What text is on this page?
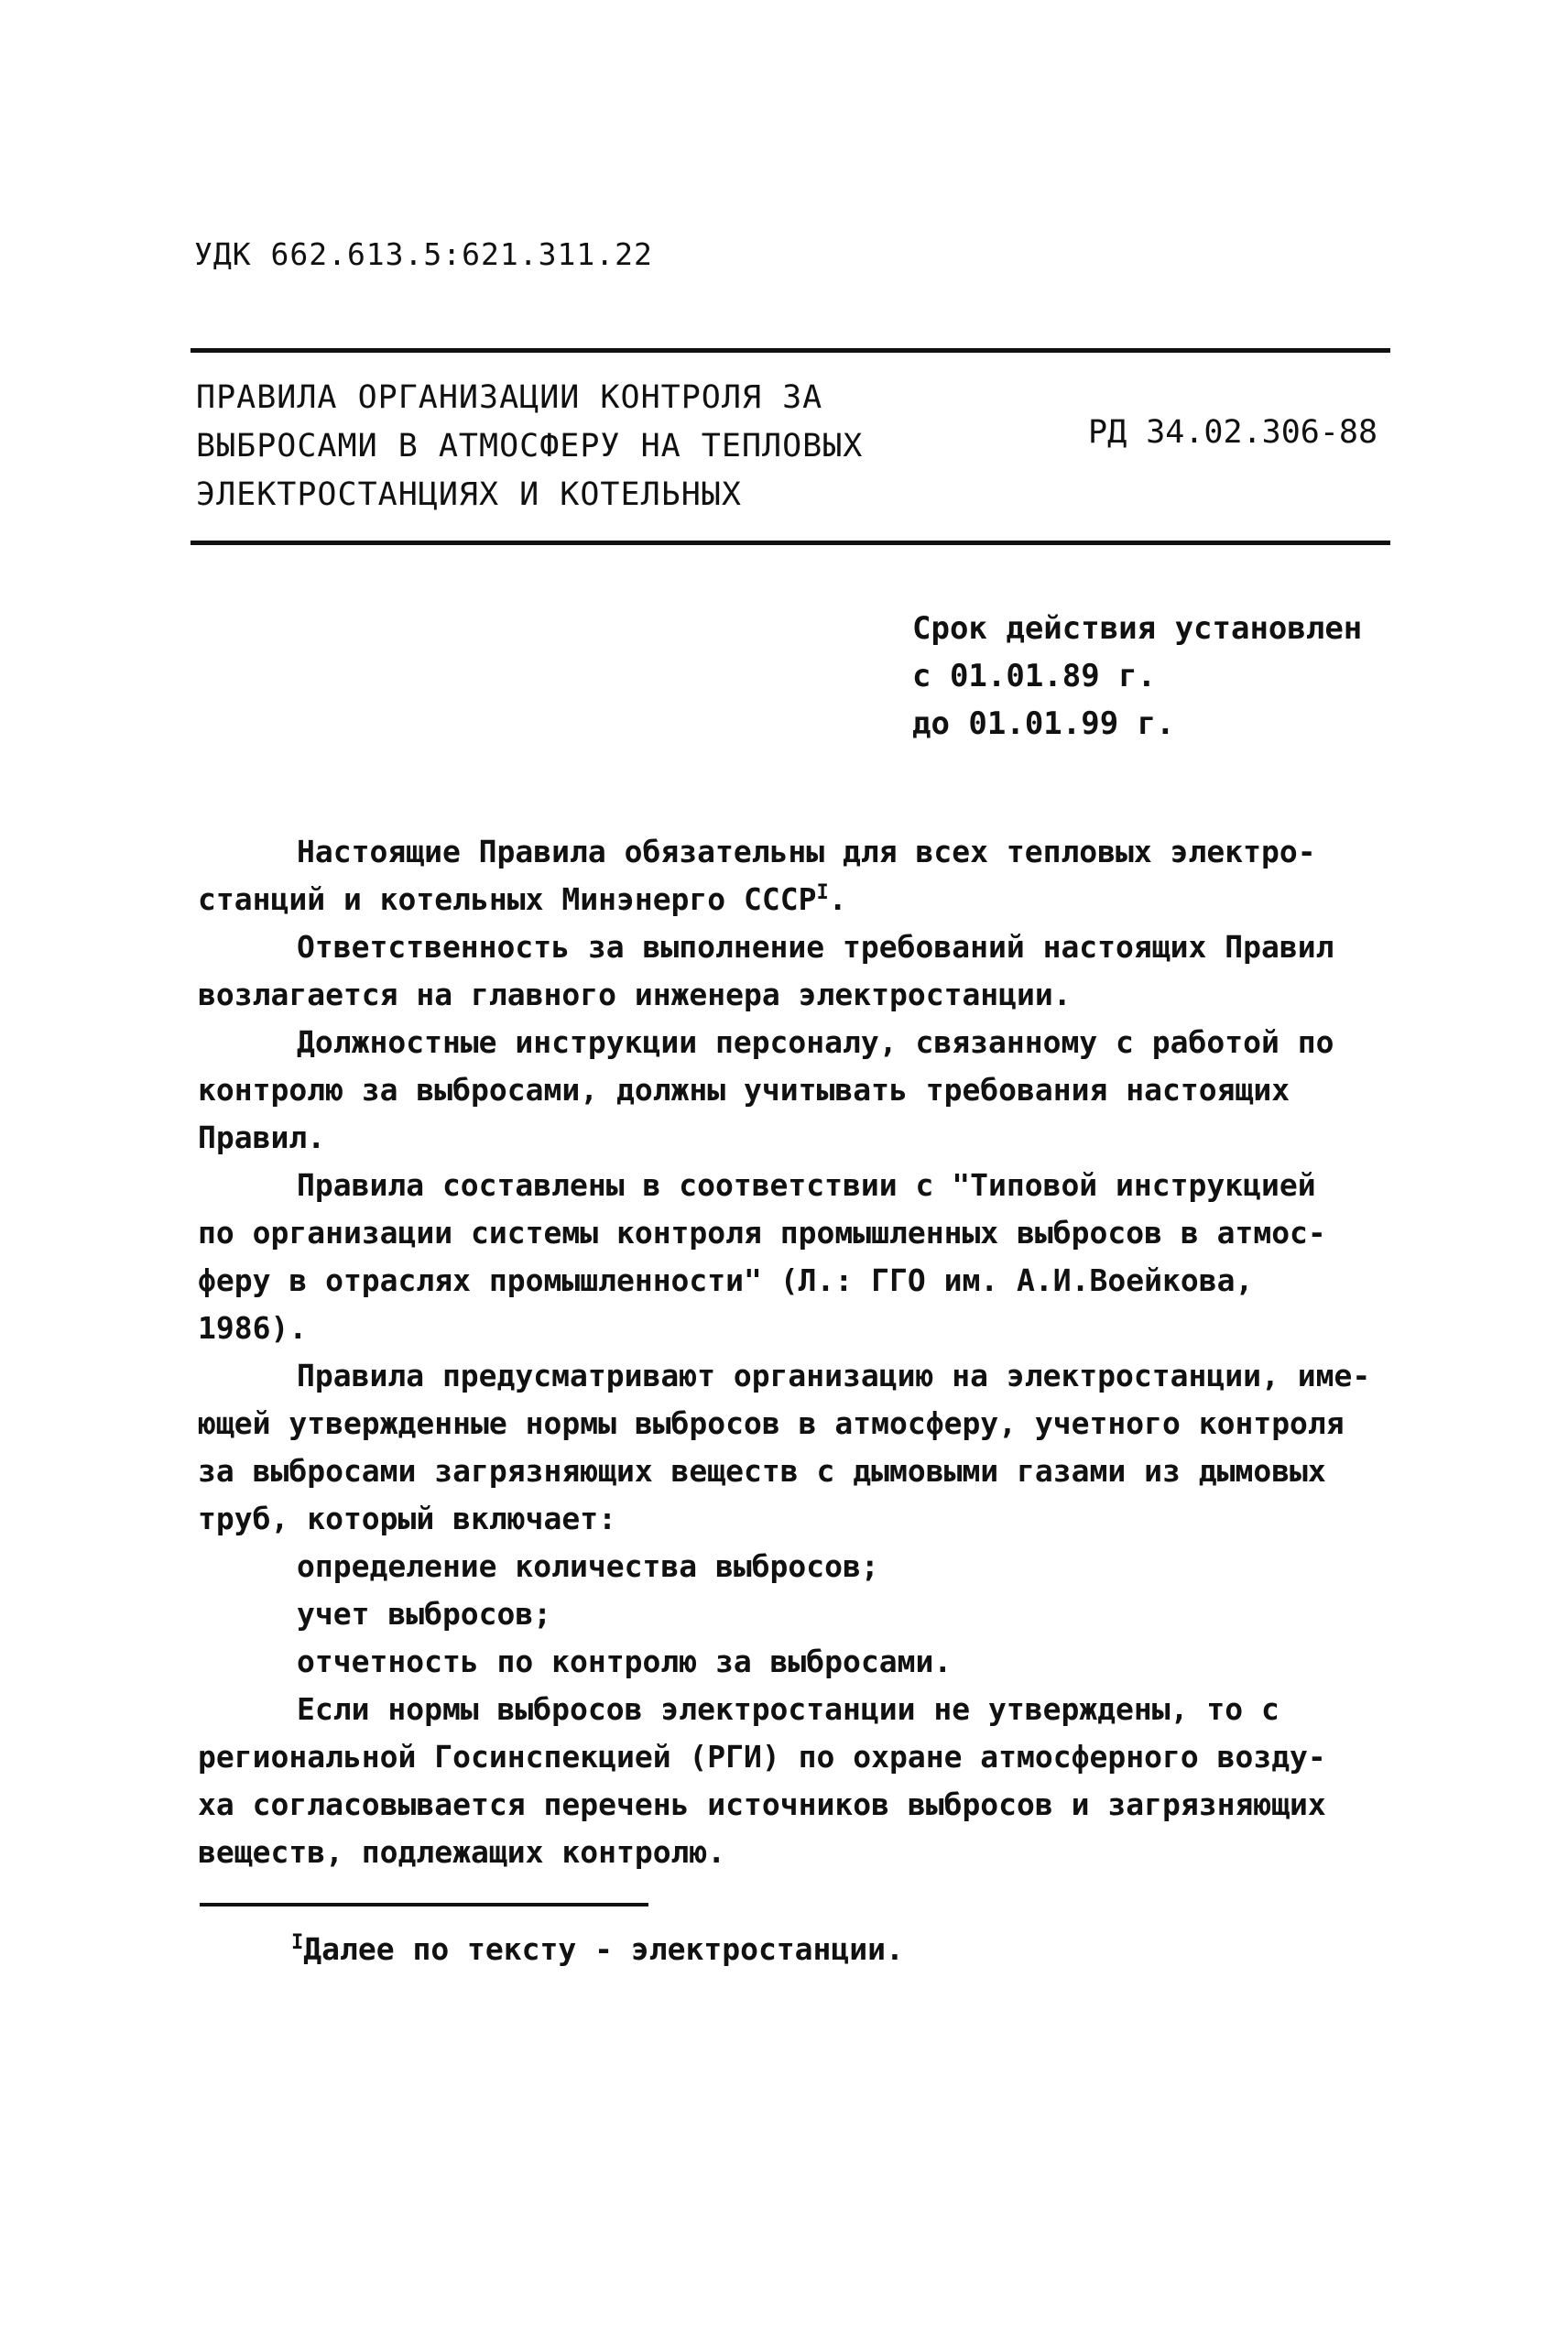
УДК 662.613.5:621.311.22
ПРАВИЛА ОРГАНИЗАЦИИ КОНТРОЛЯ ЗА
ВЫБРОСАМИ В АТМОСФЕРУ НА ТЕПЛОВЫХ
ЭЛЕКТРОСТАНЦИЯХ И КОТЕЛЬНЫХ
РД 34.02.306-88
Срок действия установлен
с 01.01.89 г.
до 01.01.99 г.
Настоящие Правила обязательны для всех тепловых электро-
станций и котельных Минэнерго $СССР^I$.
Ответственность за выполнение требований настоящих Правил
возлагается на главного инженера электростанции.
Должностные инструкции персоналу, связанному с работой по
контролю за выбросами, должны учитывать требования настоящих
Правил.
Правила составлены в соответствии с "Типовой инструкцией
по организации системы контроля промышленных выбросов в атмос-
феру в отраслях промышленности" (Л.: ГГО им. А.И.Воейкова,
1986).
Правила предусматривают организацию на электростанции, име-
ющей утвержденные нормы выбросов в атмосферу, учетного контроля
за выбросами загрязняющих веществ с дымовыми газами из дымовых
труб, который включает:
определение количества выбросов;
учет выбросов;
отчетность по контролю за выбросами.
Если нормы выбросов электростанции не утверждены, то с
региональной Госинспекцией (РГИ) по охране атмосферного возду-
ха согласовывается перечень источников выбросов и загрязняющих
веществ, подлежащих контролю.
$^I$Далее по тексту - электростанции.
